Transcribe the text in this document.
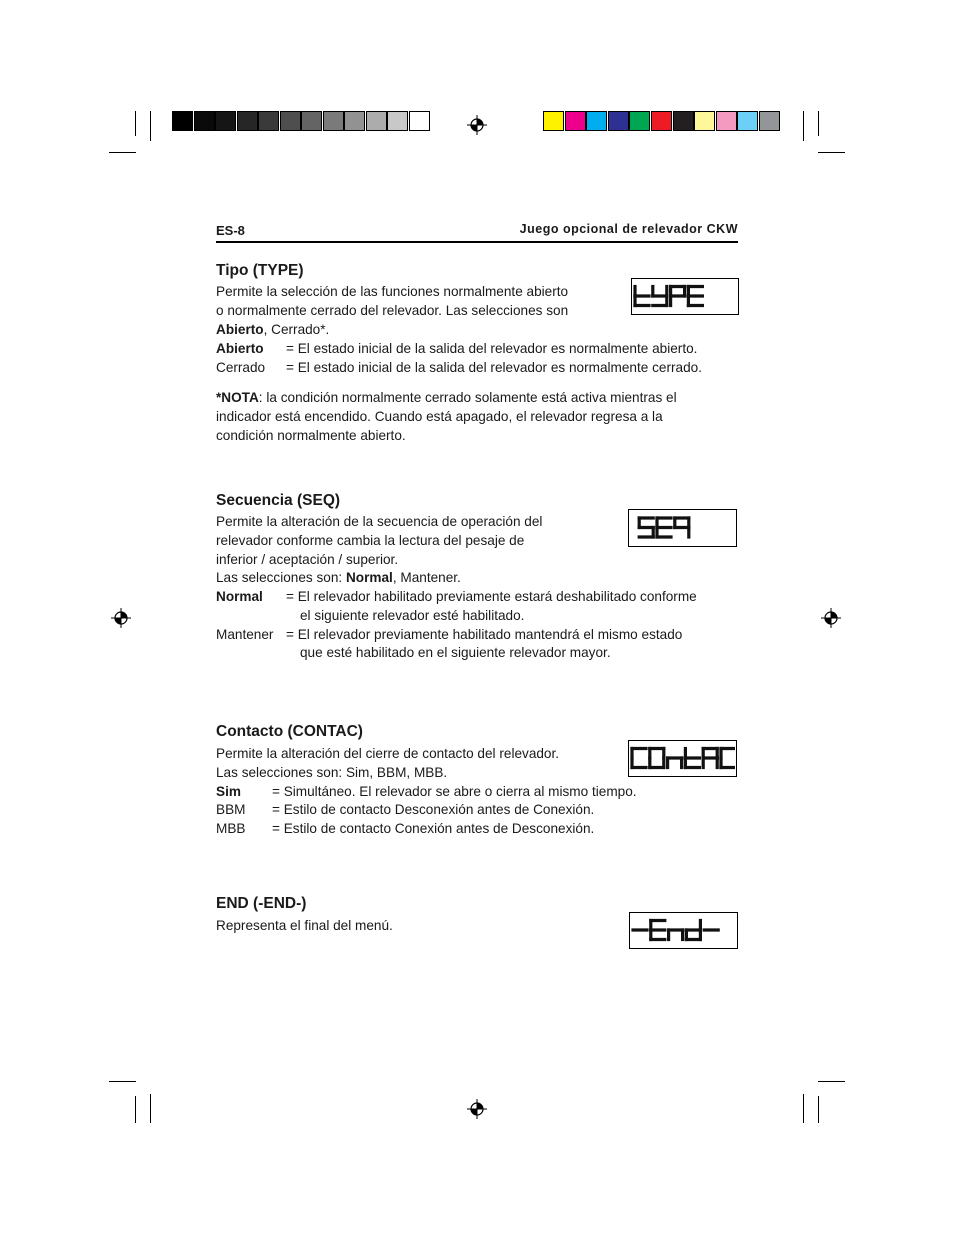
ES-8	Juego opcional de relevador CKW
Tipo (TYPE)
Permite la selección de las funciones normalmente abierto
o normalmente cerrado del relevador. Las selecciones son
Abierto, Cerrado*.
Abierto = El estado inicial de la salida del relevador es normalmente abierto.
Cerrado = El estado inicial de la salida del relevador es normalmente cerrado.
*NOTA: la condición normalmente cerrado solamente está activa mientras el
indicador está encendido. Cuando está apagado, el relevador regresa a la
condición normalmente abierto.
Secuencia (SEQ)
Permite la alteración de la secuencia de operación del
relevador conforme cambia la lectura del pesaje de
inferior / aceptación / superior.
Las selecciones son: Normal, Mantener.
Normal = El relevador habilitado previamente estará deshabilitado conforme
el siguiente relevador esté habilitado.
Mantener = El relevador previamente habilitado mantendrá el mismo estado
que esté habilitado en el siguiente relevador mayor.
Contacto (CONTAC)
Permite la alteración del cierre de contacto del relevador.
Las selecciones son: Sim, BBM, MBB.
Sim = Simultáneo. El relevador se abre o cierra al mismo tiempo.
BBM = Estilo de contacto Desconexión antes de Conexión.
MBB = Estilo de contacto Conexión antes de Desconexión.
END (-END-)
Representa el final del menú.
